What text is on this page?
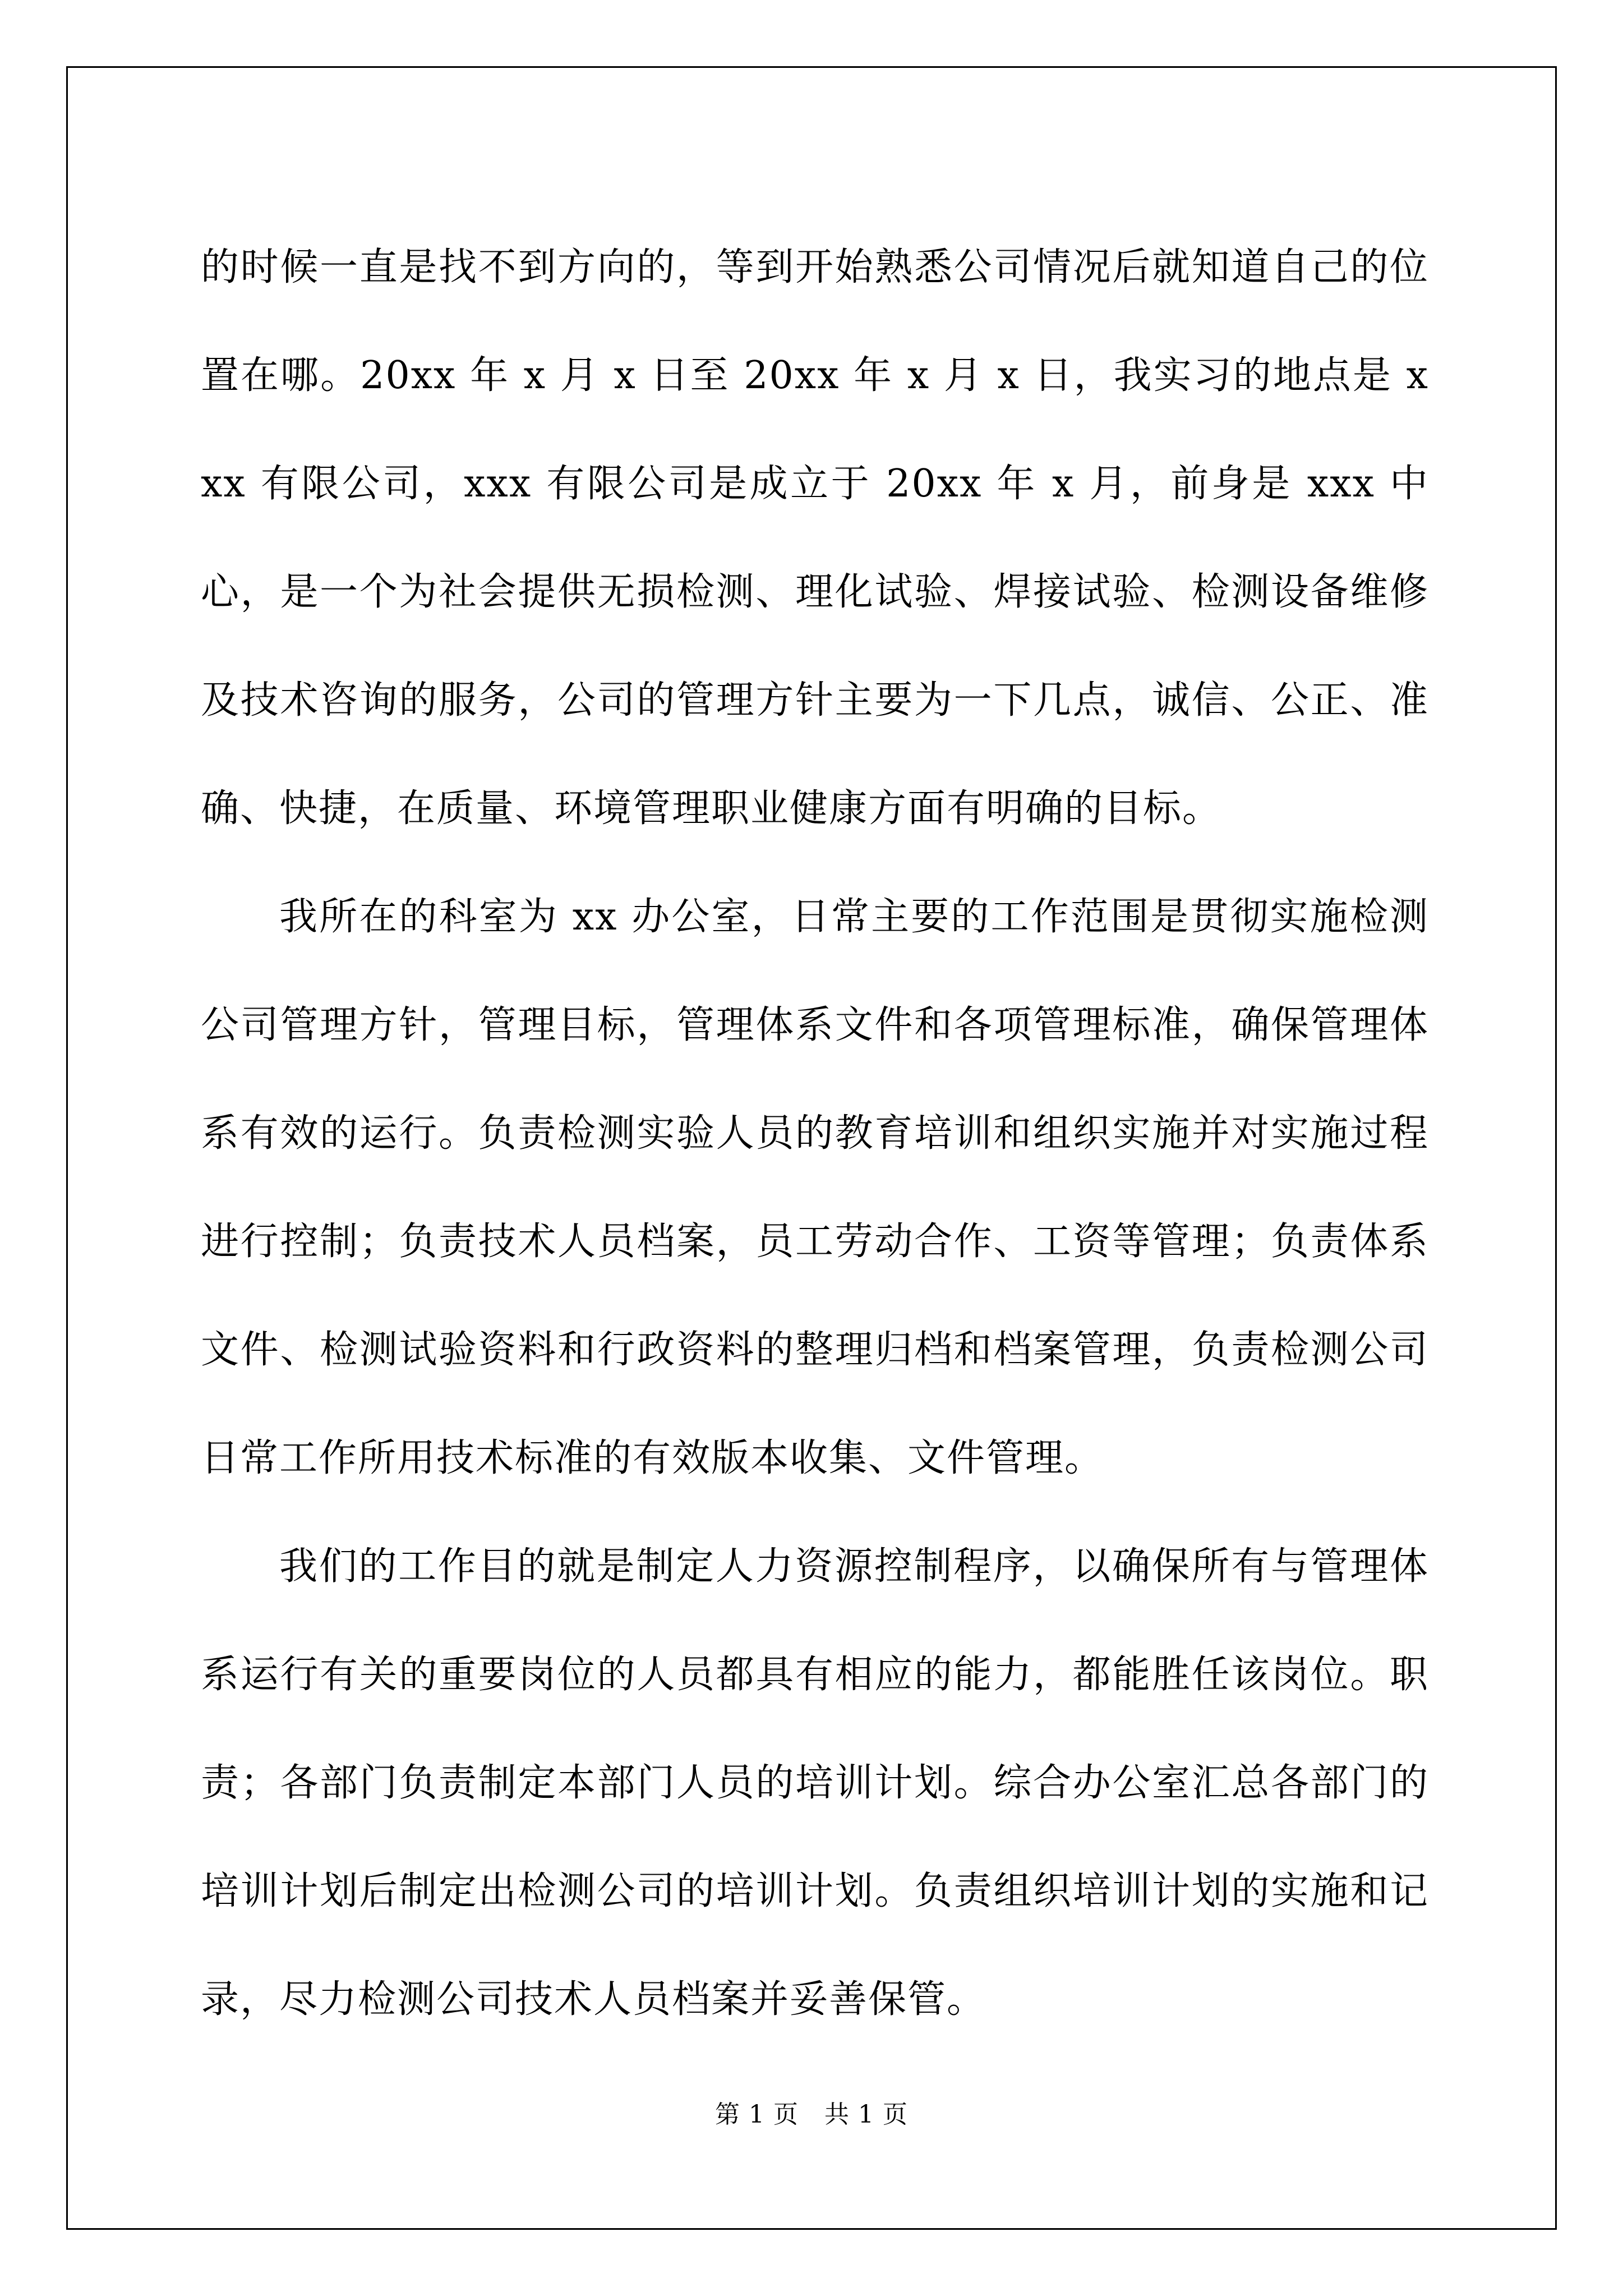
的时候一直是找不到方向的，等到开始熟悉公司情况后就知道自己的位置在哪。20xx 年 x 月 x 日至 20xx 年 x 月 x 日，我实习的地点是 xxx 有限公司，xxx 有限公司是成立于 20xx 年 x 月，前身是 xxx 中心，是一个为社会提供无损检测、理化试验、焊接试验、检测设备维修及技术咨询的服务，公司的管理方针主要为一下几点，诚信、公正、准确、快捷，在质量、环境管理职业健康方面有明确的目标。

我所在的科室为 xx 办公室，日常主要的工作范围是贯彻实施检测公司管理方针，管理目标，管理体系文件和各项管理标准，确保管理体系有效的运行。负责检测实验人员的教育培训和组织实施并对实施过程进行控制；负责技术人员档案，员工劳动合作、工资等管理；负责体系文件、检测试验资料和行政资料的整理归档和档案管理，负责检测公司日常工作所用技术标准的有效版本收集、文件管理。

我们的工作目的就是制定人力资源控制程序，以确保所有与管理体系运行有关的重要岗位的人员都具有相应的能力，都能胜任该岗位。职责；各部门负责制定本部门人员的培训计划。综合办公室汇总各部门的培训计划后制定出检测公司的培训计划。负责组织培训计划的实施和记录，尽力检测公司技术人员档案并妥善保管。

第 1 页 共 1 页
